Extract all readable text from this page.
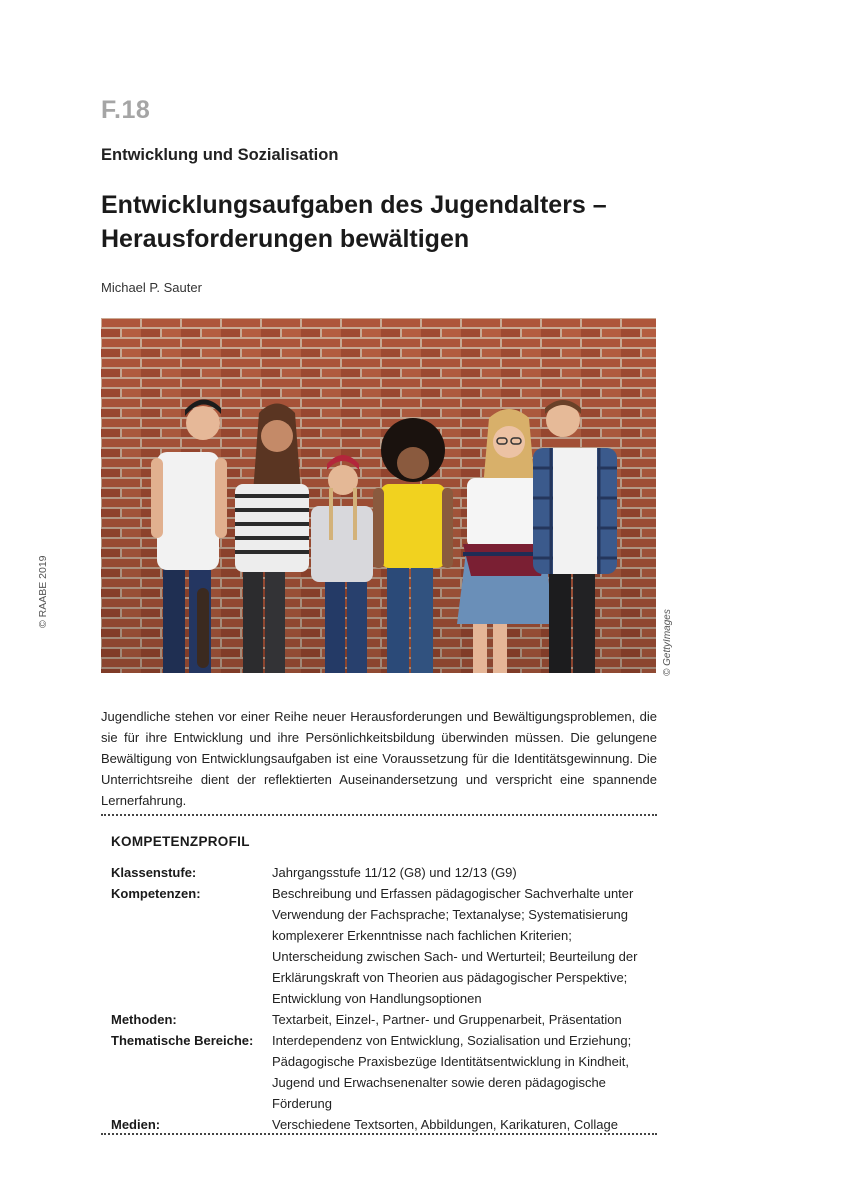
F.18
Entwicklung und Sozialisation
Entwicklungsaufgaben des Jugendalters – Herausforderungen bewältigen
Michael P. Sauter
© RAABE 2019
© GettyImages
Jugendliche stehen vor einer Reihe neuer Herausforderungen und Bewältigungsproblemen, die sie für ihre Entwicklung und ihre Persönlichkeitsbildung überwinden müssen. Die gelungene Bewältigung von Entwicklungsaufgaben ist eine Voraussetzung für die Identitätsgewinnung. Die Unterrichtsreihe dient der reflektierten Auseinandersetzung und verspricht eine spannende Lernerfahrung.
KOMPETENZPROFIL
Klassenstufe:	Jahrgangsstufe 11/12 (G8) und 12/13 (G9)
Kompetenzen:	Beschreibung und Erfassen pädagogischer Sachverhalte unter Verwendung der Fachsprache; Textanalyse; Systematisierung komplexerer Erkenntnisse nach fachlichen Kriterien; Unterscheidung zwischen Sach- und Werturteil; Beurteilung der Erklärungskraft von Theorien aus pädagogischer Perspektive; Entwicklung von Handlungsoptionen
Methoden:	Textarbeit, Einzel-, Partner- und Gruppenarbeit, Präsentation
Thematische Bereiche:	Interdependenz von Entwicklung, Sozialisation und Erziehung; Pädagogische Praxisbezüge Identitätsentwicklung in Kindheit, Jugend und Erwachsenenalter sowie deren pädagogische Förderung
Medien:	Verschiedene Textsorten, Abbildungen, Karikaturen, Collage
